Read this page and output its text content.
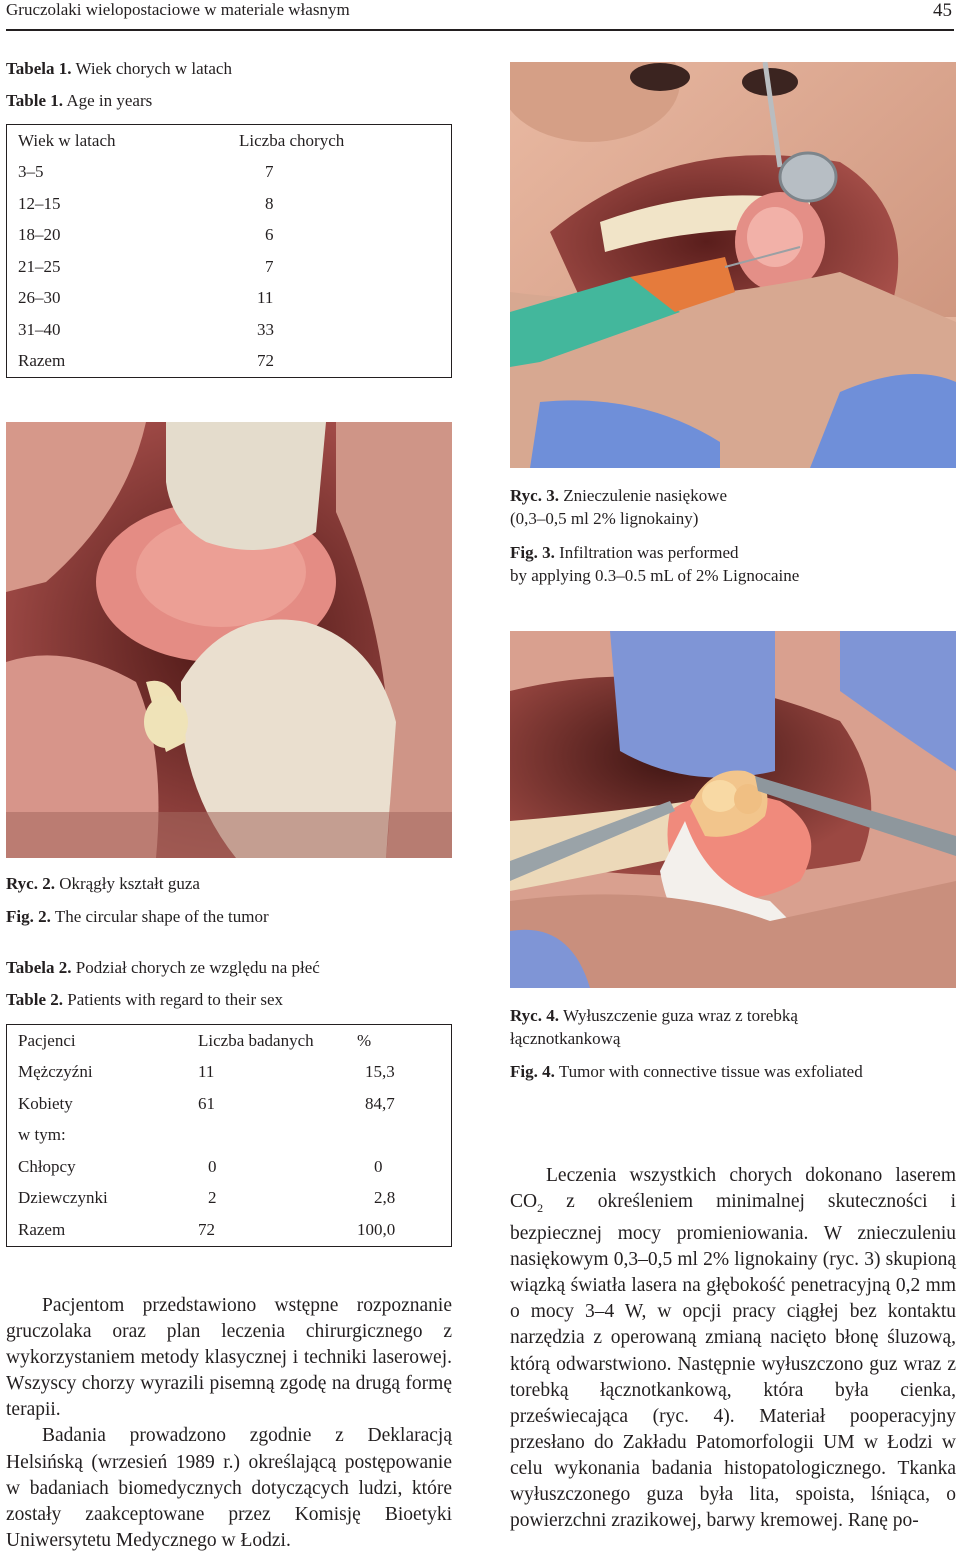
Gruczolaki wielopostaciowe w materiale własnym	45
Tabela 1. Wiek chorych w latach
Table 1. Age in years
Wiek w latach	Liczba chorych
3–5	7
12–15	8
18–20	6
21–25	7
26–30	11
31–40	33
Razem	72
Ryc. 3. Znieczulenie nasiękowe
(0,3–0,5 ml 2% lignokainy)
Fig. 3. Infiltration was performed
by applying 0.3–0.5 mL of 2% Lignocaine
Ryc. 2. Okrągły kształt guza
Fig. 2. The circular shape of the tumor
Ryc. 4. Wyłuszczenie guza wraz z torebką
łącznotkankową
Fig. 4. Tumor with connective tissue was exfoliated
Tabela 2. Podział chorych ze względu na płeć
Table 2. Patients with regard to their sex
Pacjenci	Liczba badanych	%
Mężczyźni	11	15,3
Kobiety	61	84,7
w tym:		
Chłopcy	0	0
Dziewczynki	2	2,8
Razem	72	100,0

Pacjentom przedstawiono wstępne rozpoznanie gruczolaka oraz plan leczenia chirurgicznego z wykorzystaniem metody klasycznej i techniki laserowej. Wszyscy chorzy wyrazili pisemną zgodę na drugą formę terapii.

Badania prowadzono zgodnie z Deklaracją Helsińską (wrzesień 1989 r.) określającą postępowanie w badaniach biomedycznych dotyczących ludzi, które zostały zaakceptowane przez Komisję Bioetyki Uniwersytetu Medycznego w Łodzi.

Leczenia wszystkich chorych dokonano laserem $CO_2$ z określeniem minimalnej skuteczności i bezpiecznej mocy promieniowania. W znieczuleniu nasiękowym 0,3–0,5 ml 2% lignokainy (ryc. 3) skupioną wiązką światła lasera na głębokość penetracyjną 0,2 mm o mocy 3–4 W, w opcji pracy ciągłej bez kontaktu narzędzia z operowaną zmianą nacięto błonę śluzową, którą odwarstwiono. Następnie wyłuszczono guz wraz z torebką łącznotkankową, która była cienka, przeświecająca (ryc. 4). Materiał pooperacyjny przesłano do Zakładu Patomorfologii UM w Łodzi w celu wykonania badania histopatologicznego. Tkanka wyłuszczonego guza była lita, spoista, lśniąca, o powierzchni zrazikowej, barwy kremowej. Ranę po-
